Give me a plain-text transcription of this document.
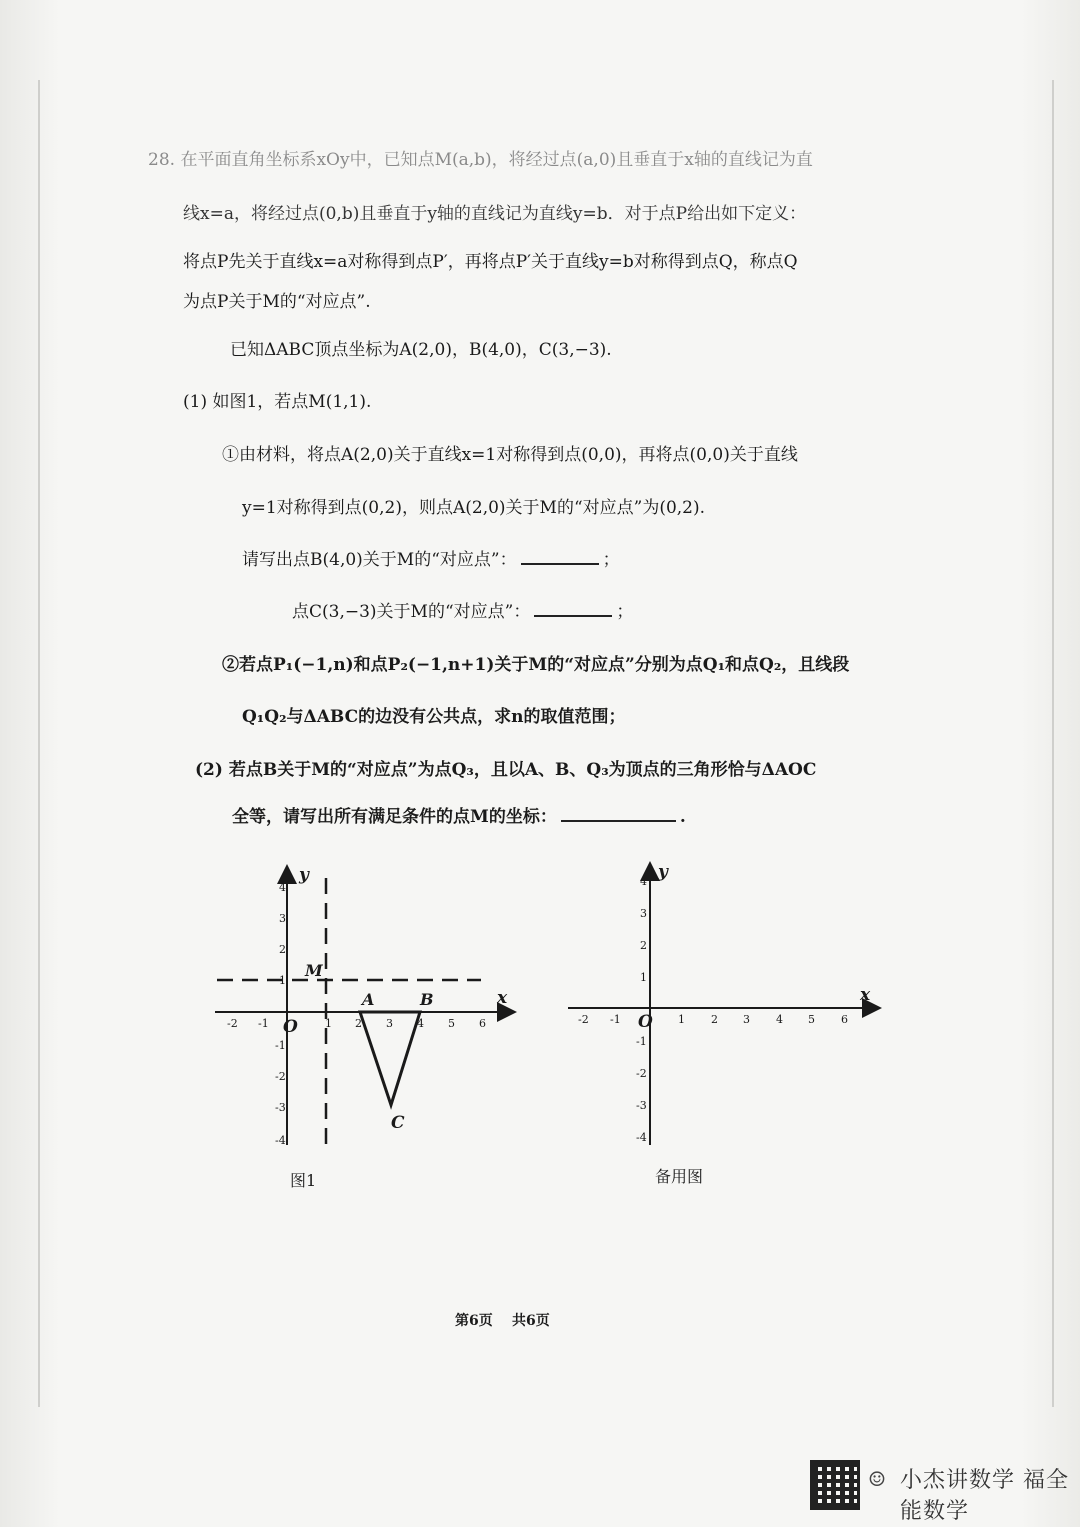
28. 在平面直角坐标系xOy中，已知点M(a,b)，将经过点(a,0)且垂直于x轴的直线记为直
线x=a，将经过点(0,b)且垂直于y轴的直线记为直线y=b．对于点P给出如下定义：
将点P先关于直线x=a对称得到点P′，再将点P′关于直线y=b对称得到点Q，称点Q
为点P关于M的“对应点”.
已知ΔABC顶点坐标为A(2,0)，B(4,0)，C(3,−3).
(1) 如图1，若点M(1,1).
①由材料，将点A(2,0)关于直线x=1对称得到点(0,0)，再将点(0,0)关于直线
y=1对称得到点(0,2)，则点A(2,0)关于M的“对应点”为(0,2).
请写出点B(4,0)关于M的“对应点”：	；
点C(3,−3)关于M的“对应点”：	；
②若点P₁(−1,n)和点P₂(−1,n+1)关于M的“对应点”分别为点Q₁和点Q₂，且线段
Q₁Q₂与ΔABC的边没有公共点，求n的取值范围；
(2) 若点B关于M的“对应点”为点Q₃，且以A、B、Q₃为顶点的三角形恰与ΔAOC
全等，请写出所有满足条件的点M的坐标：	.
-2 -1	1 2 3 4 5 6
4
3
2
1
-1
-2
-3
-4
x
y
O
M
A	B
C
图1
-2 -1	1 2 3 4 5 6
4
3
2
1
-1
-2
-3
-4
x
y
O
备用图
第6页 共6页
☺ 小杰讲数学 福全能数学
